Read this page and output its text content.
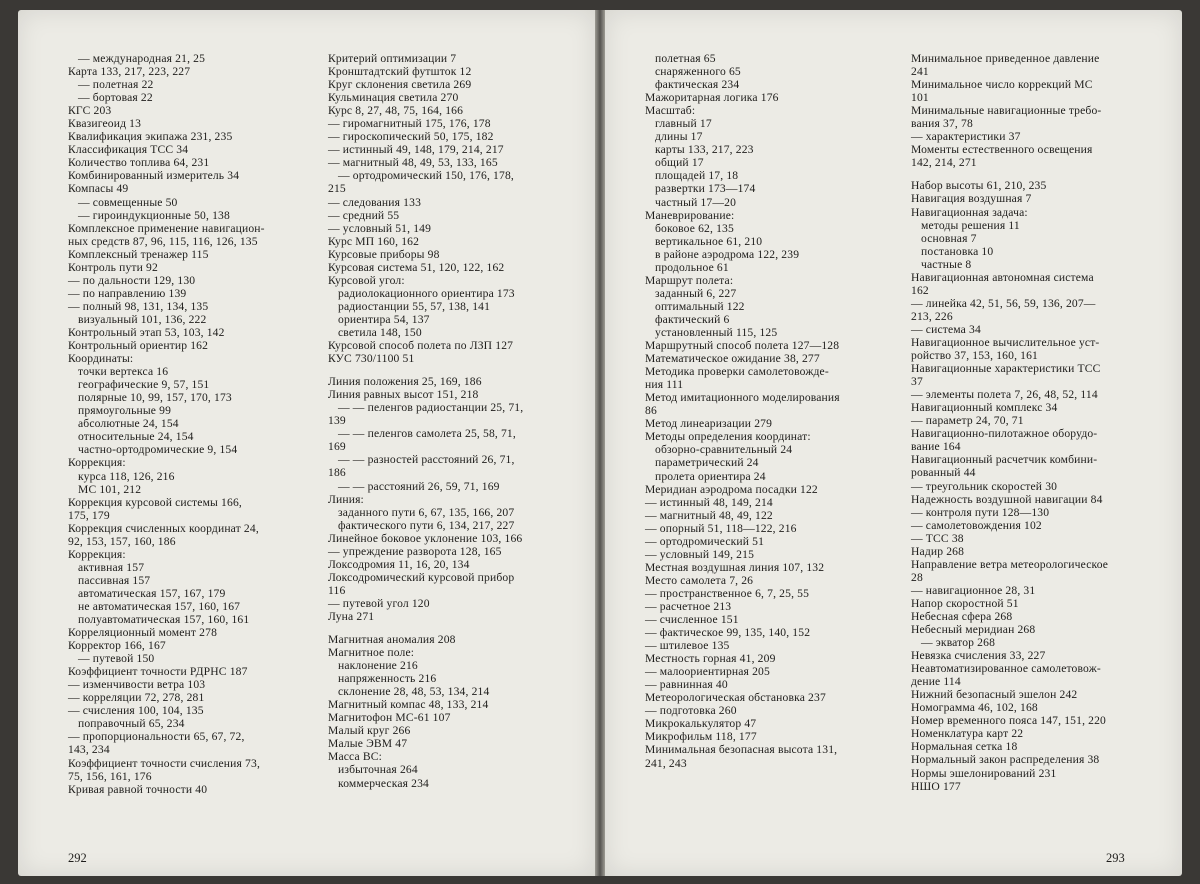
— международная 21, 25
Карта 133, 217, 223, 227
— полетная 22
— бортовая 22
КГС 203
Квазигеоид 13
Квалификация экипажа 231, 235
Классификация ТСС 34
Количество топлива 64, 231
Комбинированный измеритель 34
Компасы 49
— совмещенные 50
— гироиндукционные 50, 138
Комплексное применение навигацион-
ных средств 87, 96, 115, 116, 126, 135
Комплексный тренажер 115
Контроль пути 92
— по дальности 129, 130
— по направлению 139
— полный 98, 131, 134, 135
визуальный 101, 136, 222
Контрольный этап 53, 103, 142
Контрольный ориентир 162
Координаты:
точки вертекса 16
географические 9, 57, 151
полярные 10, 99, 157, 170, 173
прямоугольные 99
абсолютные 24, 154
относительные 24, 154
частно-ортодромические 9, 154
Коррекция:
курса 118, 126, 216
МС 101, 212
Коррекция курсовой системы 166,
175, 179
Коррекция счисленных координат 24,
92, 153, 157, 160, 186
Коррекция:
активная 157
пассивная 157
автоматическая 157, 167, 179
не автоматическая 157, 160, 167
полуавтоматическая 157, 160, 161
Корреляционный момент 278
Корректор 166, 167
— путевой 150
Коэффициент точности РДРНС 187
— изменчивости ветра 103
— корреляции 72, 278, 281
— счисления 100, 104, 135
поправочный 65, 234
— пропорциональности 65, 67, 72,
143, 234
Коэффициент точности счисления 73,
75, 156, 161, 176
Кривая равной точности 40
Критерий оптимизации 7
Кронштадтский футшток 12
Круг склонения светила 269
Кульминация светила 270
Курс 8, 27, 48, 75, 164, 166
— гиромагнитный 175, 176, 178
— гироскопический 50, 175, 182
— истинный 49, 148, 179, 214, 217
— магнитный 48, 49, 53, 133, 165
— ортодромический 150, 176, 178,
215
— следования 133
— средний 55
— условный 51, 149
Курс МП 160, 162
Курсовые приборы 98
Курсовая система 51, 120, 122, 162
Курсовой угол:
радиолокационного ориентира 173
радиостанции 55, 57, 138, 141
ориентира 54, 137
светила 148, 150
Курсовой способ полета по ЛЗП 127
КУС 730/1100 51
Линия положения 25, 169, 186
Линия равных высот 151, 218
— — пеленгов радиостанции 25, 71,
139
— — пеленгов самолета 25, 58, 71,
169
— — разностей расстояний 26, 71,
186
— — расстояний 26, 59, 71, 169
Линия:
заданного пути 6, 67, 135, 166, 207
фактического пути 6, 134, 217, 227
Линейное боковое уклонение 103, 166
— упреждение разворота 128, 165
Локсодромия 11, 16, 20, 134
Локсодромический курсовой прибор
116
— путевой угол 120
Луна 271
Магнитная аномалия 208
Магнитное поле:
наклонение 216
напряженность 216
склонение 28, 48, 53, 134, 214
Магнитный компас 48, 133, 214
Магнитофон МС-61 107
Малый круг 266
Малые ЭВМ 47
Масса ВС:
избыточная 264
коммерческая 234
292
полетная 65
снаряженного 65
фактическая 234
Мажоритарная логика 176
Масштаб:
главный 17
длины 17
карты 133, 217, 223
общий 17
площадей 17, 18
развертки 173—174
частный 17—20
Маневрирование:
боковое 62, 135
вертикальное 61, 210
в районе аэродрома 122, 239
продольное 61
Маршрут полета:
заданный 6, 227
оптимальный 122
фактический 6
установленный 115, 125
Маршрутный способ полета 127—128
Математическое ожидание 38, 277
Методика проверки самолетовожде-
ния 111
Метод имитационного моделирования
86
Метод линеаризации 279
Методы определения координат:
обзорно-сравнительный 24
параметрический 24
пролета ориентира 24
Меридиан аэродрома посадки 122
— истинный 48, 149, 214
— магнитный 48, 49, 122
— опорный 51, 118—122, 216
— ортодромический 51
— условный 149, 215
Местная воздушная линия 107, 132
Место самолета 7, 26
— пространственное 6, 7, 25, 55
— расчетное 213
— счисленное 151
— фактическое 99, 135, 140, 152
— штилевое 135
Местность горная 41, 209
— малоориентирная 205
— равнинная 40
Метеорологическая обстановка 237
— подготовка 260
Микрокалькулятор 47
Микрофильм 118, 177
Минимальная безопасная высота 131,
241, 243
Минимальное приведенное давление
241
Минимальное число коррекций МС
101
Минимальные навигационные требо-
вания 37, 78
— характеристики 37
Моменты естественного освещения
142, 214, 271
Набор высоты 61, 210, 235
Навигация воздушная 7
Навигационная задача:
методы решения 11
основная 7
постановка 10
частные 8
Навигационная автономная система
162
— линейка 42, 51, 56, 59, 136, 207—
213, 226
— система 34
Навигационное вычислительное уст-
ройство 37, 153, 160, 161
Навигационные характеристики ТСС
37
— элементы полета 7, 26, 48, 52, 114
Навигационный комплекс 34
— параметр 24, 70, 71
Навигационно-пилотажное оборудо-
вание 164
Навигационный расчетчик комбини-
рованный 44
— треугольник скоростей 30
Надежность воздушной навигации 84
— контроля пути 128—130
— самолетовождения 102
— ТСС 38
Надир 268
Направление ветра метеорологическое
28
— навигационное 28, 31
Напор скоростной 51
Небесная сфера 268
Небесный меридиан 268
— экватор 268
Невязка счисления 33, 227
Неавтоматизированное самолетовож-
дение 114
Нижний безопасный эшелон 242
Номограмма 46, 102, 168
Номер временного пояса 147, 151, 220
Номенклатура карт 22
Нормальная сетка 18
Нормальный закон распределения 38
Нормы эшелонирований 231
НШО 177
293
